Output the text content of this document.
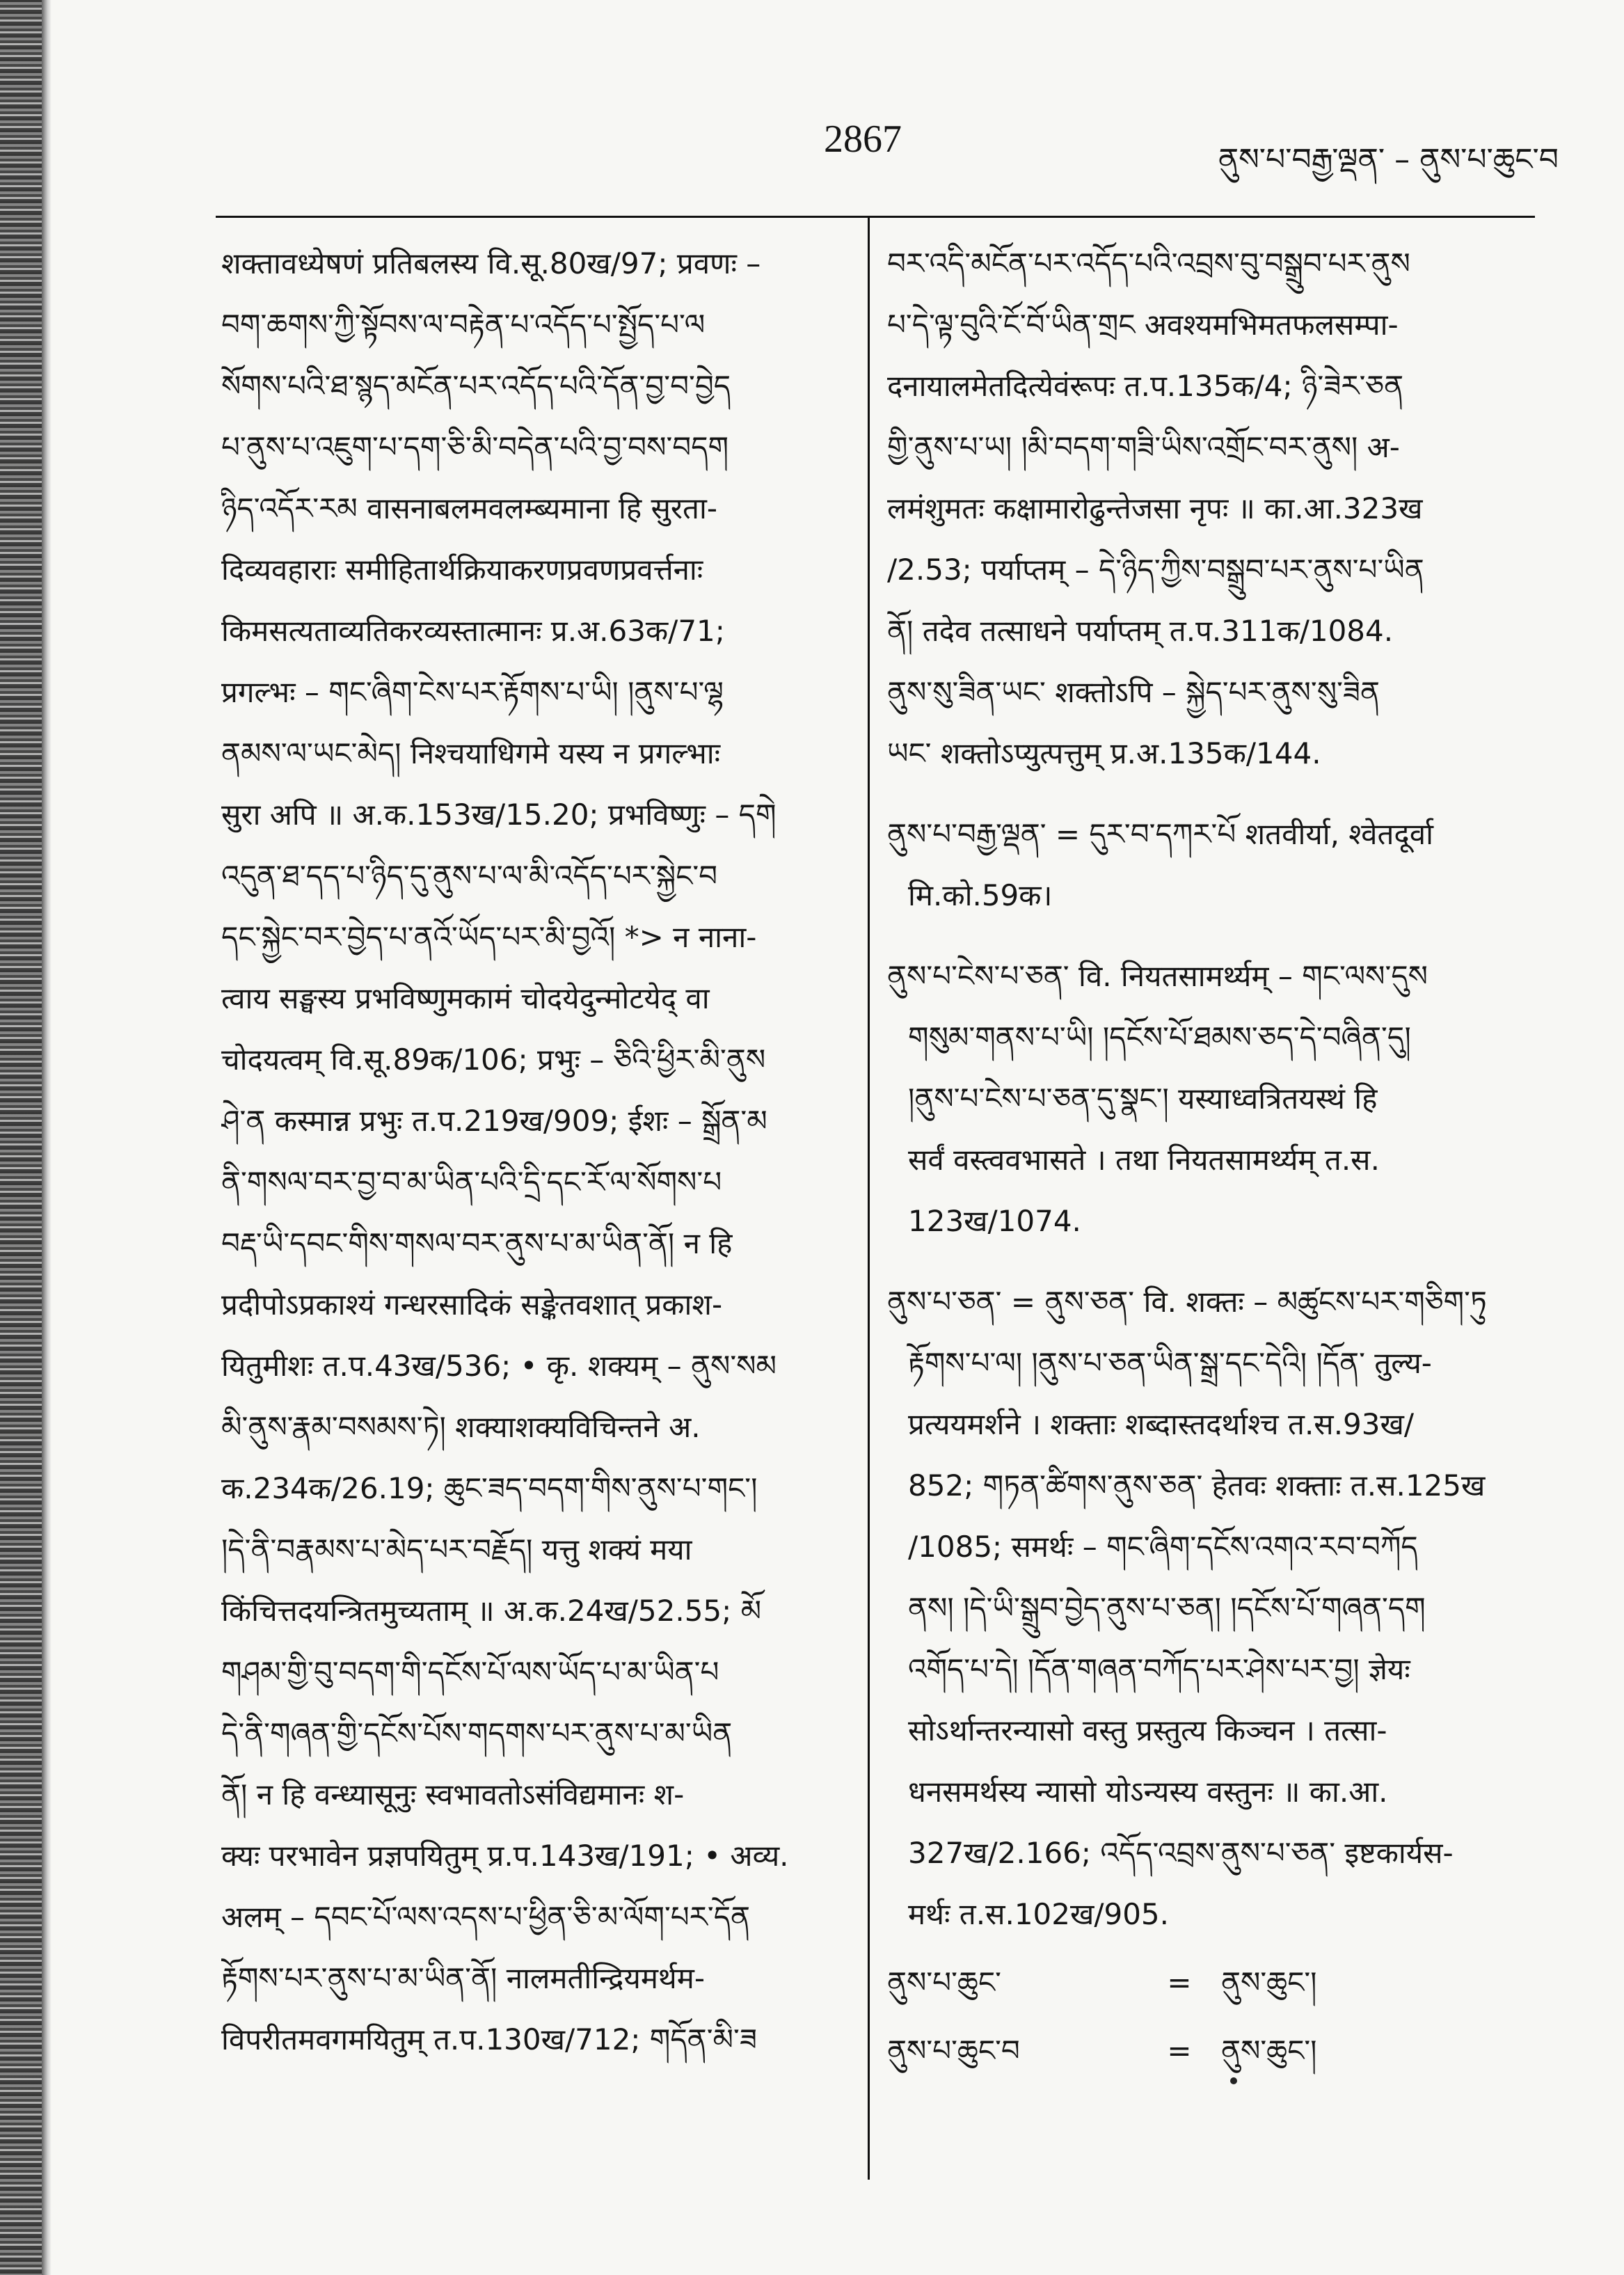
2867	ནུས་པ་བརྒྱ་ལྡན་ – ནུས་པ་ཆུང་བ
शक्तावध्येषणं प्रतिबलस्य वि.सू.80ख/97; प्रवणः –
བག་ཆགས་ཀྱི་སྟོབས་ལ་བརྟེན་པ་འདོད་པ་སྤྱོད་པ་ལ
སོགས་པའི་ཐ་སྙད་མངོན་པར་འདོད་པའི་དོན་བྱ་བ་བྱེད
པ་ནུས་པ་འཇུག་པ་དག་ཅི་མི་བདེན་པའི་བྱ་བས་བདག
ཉིད་འདོར་རམ वासनाबलमवलम्ब्यमाना हि सुरता-
दिव्यवहाराः समीहितार्थक्रियाकरणप्रवणप्रवर्त्तनाः
किमसत्यताव्यतिकरव्यस्तात्मानः प्र.अ.63क/71;
प्रगल्भः – གང་ཞིག་ངེས་པར་རྟོགས་པ་ཡི། །ནུས་པ་ལྷ
ནམས་ལ་ཡང་མེད། निश्चयाधिगमे यस्य न प्रगल्भाः
सुरा अपि ॥ अ.क.153ख/15.20; प्रभविष्णुः – དགེ
འདུན་ཐ་དད་པ་ཉིད་དུ་ནུས་པ་ལ་མི་འདོད་པར་སྐྱེང་བ
དང་སྐྱེང་བར་བྱེད་པ་ནའོ་ཡོད་པར་མི་བྱའོ། *> न नाना-
त्वाय सङ्घस्य प्रभविष्णुमकामं चोदयेदुन्मोटयेद् वा
चोदयत्वम् वि.सू.89क/106; प्रभुः – ཅིའི་ཕྱིར་མི་ནུས
ཤེ་ན कस्मान्न प्रभुः त.प.219ख/909; ईशः – སྒྲོན་མ
ནི་གསལ་བར་བྱ་བ་མ་ཡིན་པའི་དྲི་དང་རོ་ལ་སོགས་པ
བརྡ་ཡི་དབང་གིས་གསལ་བར་ནུས་པ་མ་ཡིན་ནོ། न हि
प्रदीपोऽप्रकाश्यं गन्धरसादिकं सङ्केतवशात् प्रकाश-
यितुमीशः त.प.43ख/536; • कृ. शक्यम् – ནུས་སམ
མི་ནུས་རྣམ་བསམས་ཏེ། शक्याशक्यविचिन्तने अ.
क.234क/26.19; ཆུང་ཟད་བདག་གིས་ནུས་པ་གང་།
།དེ་ནི་བརྣམས་པ་མེད་པར་བརྗོད། यत्तु शक्यं मया
किंचित्तदयन्त्रितमुच्यताम् ॥ अ.क.24ख/52.55; མོ
གཤམ་གྱི་བུ་བདག་གི་དངོས་པོ་ལས་ཡོད་པ་མ་ཡིན་པ
དེ་ནི་གཞན་གྱི་དངོས་པོས་གདགས་པར་ནུས་པ་མ་ཡིན
ནོ། न हि वन्ध्यासूनुः स्वभावतोऽसंविद्यमानः श-
क्यः परभावेन प्रज्ञपयितुम् प्र.प.143ख/191; • अव्य.
अलम् – དབང་པོ་ལས་འདས་པ་ཕྱིན་ཅི་མ་ལོག་པར་དོན
རྟོགས་པར་ནུས་པ་མ་ཡིན་ནོ། नालमतीन्द्रियमर्थम-
विपरीतमवगमयितुम् त.प.130ख/712; གདོན་མི་ཟ
བར་འདི་མངོན་པར་འདོད་པའི་འབྲས་བུ་བསྒྲུབ་པར་ནུས
པ་དེ་ལྟ་བུའི་ངོ་བོ་ཡིན་གྲང अवश्यमभिमतफलसम्पा-
दनायालमेतदित्येवंरूपः त.प.135क/4; ཉི་ཟེར་ཅན
གྱི་ནུས་པ་ཡ། །མི་བདག་གཟི་ཡིས་འགྲོང་བར་ནུས། अ-
लमंशुमतः कक्षामारोढुन्तेजसा नृपः ॥ का.आ.323ख
/2.53; पर्याप्तम् – དེ་ཉིད་ཀྱིས་བསྒྲུབ་པར་ནུས་པ་ཡིན
ནོ། तदेव तत्साधने पर्याप्तम् त.प.311क/1084.
ནུས་སུ་ཟིན་ཡང་ शक्तोऽपि – སྐྱེད་པར་ནུས་སུ་ཟིན
ཡང་ शक्तोऽप्युत्पत्तुम् प्र.अ.135क/144.
ནུས་པ་བརྒྱ་ལྡན་ = དུར་བ་དཀར་པོ शतवीर्या, श्वेतदूर्वा
मि.को.59क।
ནུས་པ་ངེས་པ་ཅན་ वि. नियतसामर्थ्यम् – གང་ལས་དུས
གསུམ་གནས་པ་ཡི། །དངོས་པོ་ཐམས་ཅད་དེ་བཞིན་དུ།
།ནུས་པ་ངེས་པ་ཅན་དུ་སྣང་། यस्याध्वत्रितयस्थं हि
सर्वं वस्त्ववभासते । तथा नियतसामर्थ्यम् त.स.
123ख/1074.
ནུས་པ་ཅན་ = ནུས་ཅན་ वि. शक्तः – མཚུངས་པར་གཅིག་ཏུ
རྟོགས་པ་ལ། །ནུས་པ་ཅན་ཡིན་སྒྲ་དང་དེའི། །དོན་ तुल्य-
प्रत्ययमर्शने । शक्ताः शब्दास्तदर्थाश्च त.स.93ख/
852; གཏན་ཚིགས་ནུས་ཅན་ हेतवः शक्ताः त.स.125ख
/1085; समर्थः – གང་ཞིག་དངོས་འགའ་རབ་བཀོད
ནས། །དེ་ཡི་སྒྲུབ་བྱེད་ནུས་པ་ཅན། །དངོས་པོ་གཞན་དག
འགོད་པ་དེ། །དོན་གཞན་བཀོད་པར་ཤེས་པར་བྱ། ज्ञेयः
सोऽर्थान्तरन्यासो वस्तु प्रस्तुत्य किञ्चन । तत्सा-
धनसमर्थस्य न्यासो योऽन्यस्य वस्तुनः ॥ का.आ.
327ख/2.166; འདོད་འབྲས་ནུས་པ་ཅན་ इष्टकार्यस-
मर्थः त.स.102ख/905.
ནུས་པ་ཆུང་	=	ནུས་ཆུང་།
ནུས་པ་ཆུང་བ	=	ནུས་ཆུང་།
